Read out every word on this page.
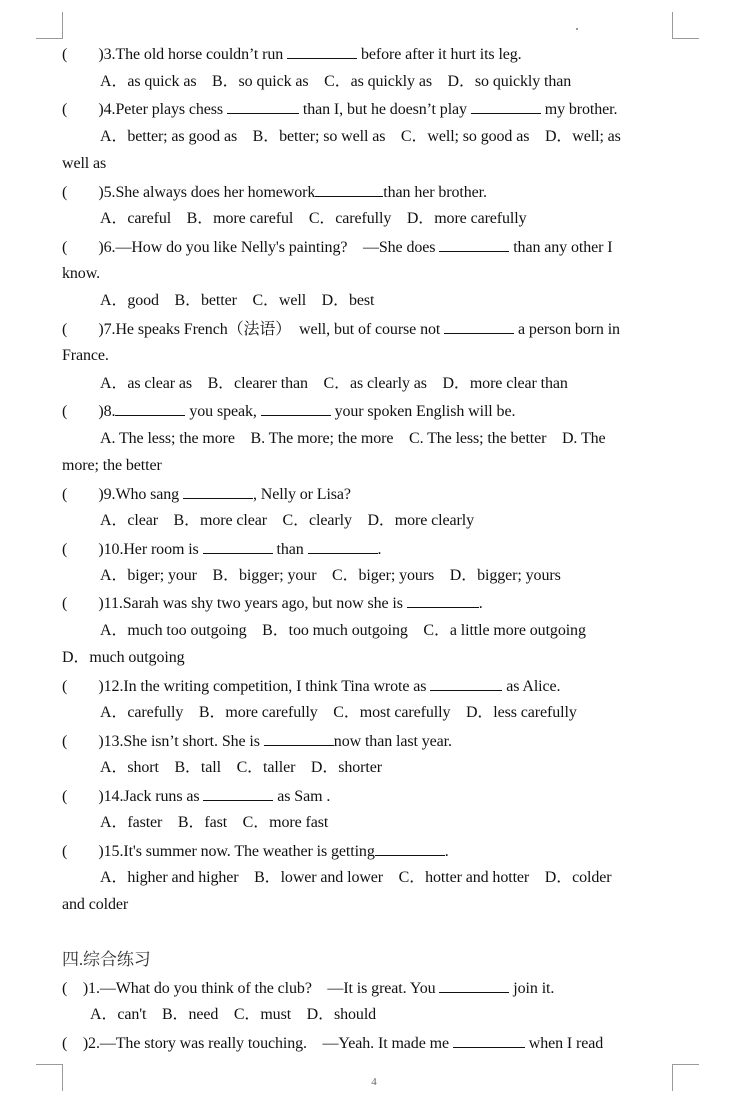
(        )3.The old horse couldn’t run	before after it hurt its leg.
A．as quick as    B．so quick as    C．as quickly as    D．so quickly than
(        )4.Peter plays chess	than I, but he doesn’t play	my brother.
A．better; as good as    B．better; so well as    C．well; so good as    D．well; as
well as
(        )5.She always does her homework	than her brother.
A．careful    B．more careful    C．carefully    D．more carefully
(        )6.—How do you like Nelly's painting?    —She does	than any other I
know.
A．good    B．better    C．well    D．best
(        )7.He speaks French（法语）  well, but of course not	a person born in
France.
A．as clear as    B．clearer than    C．as clearly as    D．more clear than
(        )8.	you speak,	your spoken English will be.
A. The less; the more    B. The more; the more    C. The less; the better    D. The
more; the better
(        )9.Who sang	, Nelly or Lisa?
A．clear    B．more clear    C．clearly    D．more clearly
(        )10.Her room is	than	.
A．biger; your    B．bigger; your    C．biger; yours    D．bigger; yours
(        )11.Sarah was shy two years ago, but now she is	.
A．much too outgoing    B．too much outgoing    C．a little more outgoing
D．much outgoing
(        )12.In the writing competition, I think Tina wrote as	as Alice.
A．carefully    B．more carefully    C．most carefully    D．less carefully
(        )13.She isn’t short. She is	now than last year.
A．short    B．tall    C．taller    D．shorter
(        )14.Jack runs as	as Sam .
A．faster    B．fast    C．more fast
(        )15.It's summer now. The weather is getting	.
A．higher and higher    B．lower and lower    C．hotter and hotter    D．colder
and colder
四.综合练习
(    )1.—What do you think of the club?    —It is great. You	join it.
A．can't    B．need    C．must    D．should
(    )2.—The story was really touching.    —Yeah. It made me	when I read
4
